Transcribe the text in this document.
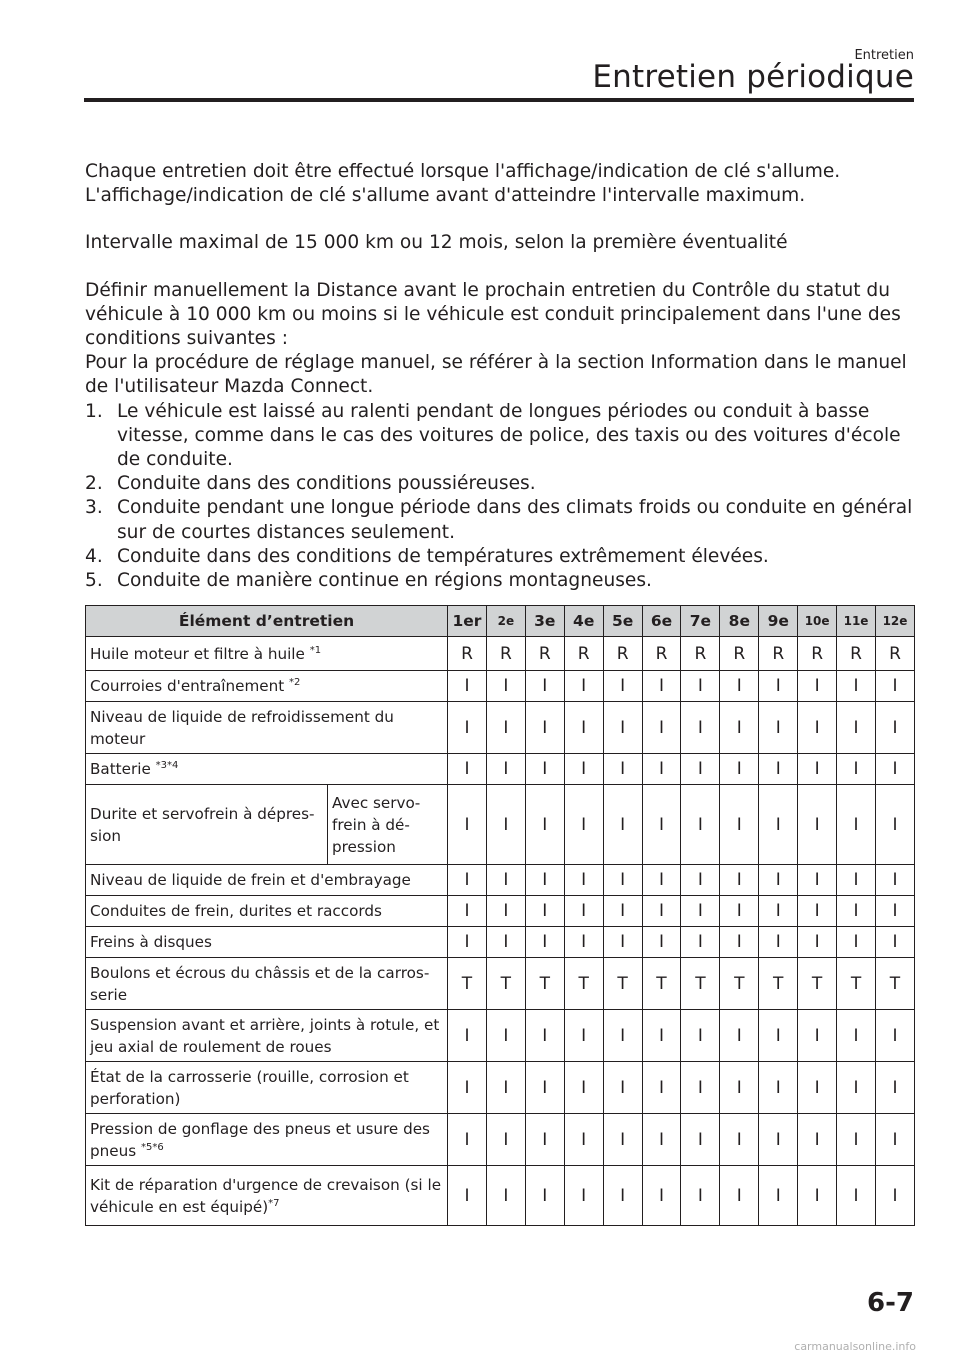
Entretien
Entretien périodique

Chaque entretien doit être effectué lorsque l'affichage/indication de clé s'allume.

L'affichage/indication de clé s'allume avant d'atteindre l'intervalle maximum.

Intervalle maximal de 15 000 km ou 12 mois, selon la première éventualité

Définir manuellement la Distance avant le prochain entretien du Contrôle du statut du véhicule à 10 000 km ou moins si le véhicule est conduit principalement dans l'une des conditions suivantes :

Pour la procédure de réglage manuel, se référer à la section Information dans le manuel de l'utilisateur Mazda Connect.

1. Le véhicule est laissé au ralenti pendant de longues périodes ou conduit à basse vitesse, comme dans le cas des voitures de police, des taxis ou des voitures d'école de conduite.
2. Conduite dans des conditions poussiéreuses.
3. Conduite pendant une longue période dans des climats froids ou conduite en général sur de courtes distances seulement.
4. Conduite dans des conditions de températures extrêmement élevées.
5. Conduite de manière continue en régions montagneuses.
Élément d’entretien		1er	2e	3e	4e	5e	6e	7e	8e	9e	10e	11e	12e
Huile moteur et filtre à huile $^{*1}$		R	R	R	R	R	R	R	R	R	R	R	R
Courroies d'entraînement $^{*2}$		I	I	I	I	I	I	I	I	I	I	I	I
Niveau de liquide de refroidissement du moteur		I	I	I	I	I	I	I	I	I	I	I	I
Batterie $^{*3*4}$		I	I	I	I	I	I	I	I	I	I	I	I
Durite et servofrein à dépression	Avec servofrein à dépression	I	I	I	I	I	I	I	I	I	I	I	I
Niveau de liquide de frein et d'embrayage		I	I	I	I	I	I	I	I	I	I	I	I
Conduites de frein, durites et raccords		I	I	I	I	I	I	I	I	I	I	I	I
Freins à disques		I	I	I	I	I	I	I	I	I	I	I	I
Boulons et écrous du châssis et de la carrosserie		T	T	T	T	T	T	T	T	T	T	T	T
Suspension avant et arrière, joints à rotule, et jeu axial de roulement de roues		I	I	I	I	I	I	I	I	I	I	I	I
État de la carrosserie (rouille, corrosion et perforation)		I	I	I	I	I	I	I	I	I	I	I	I
Pression de gonflage des pneus et usure des pneus $^{*5*6}$		I	I	I	I	I	I	I	I	I	I	I	I
Kit de réparation d'urgence de crevaison (si le véhicule en est équipé)$^{*7}$		I	I	I	I	I	I	I	I	I	I	I	I
6-7
carmanualsonline.info
